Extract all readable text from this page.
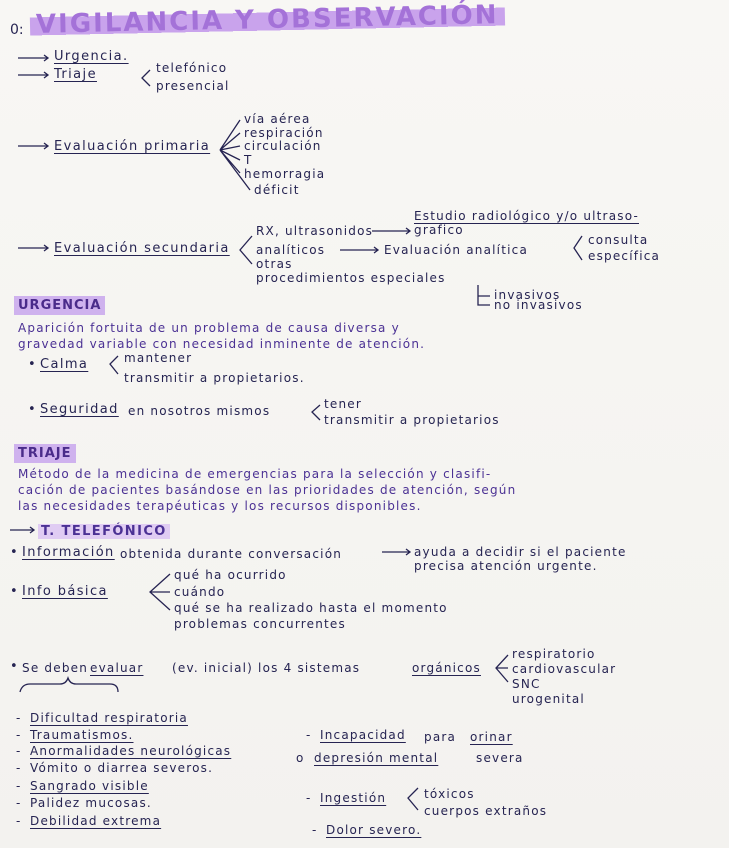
0: VIGILANCIA Y OBSERVACIÓN
Urgencia.
Triaje	telefónico
presencial
Evaluación primaria
vía aérea
respiración
circulación
T
hemorragia
déficit
Evaluación secundaria
RX, ultrasonidos
Estudio radiológico y/o ultraso-
grafico
analíticos	Evaluación analítica
consulta
específica
otras
procedimientos especiales
invasivos
no invasivos
URGENCIA
Aparición fortuita de un problema de causa diversa y
gravedad variable con necesidad inminente de atención.
• Calma	mantener
transmitir a propietarios.
• Seguridad en nosotros mismos	tener
transmitir a propietarios
TRIAJE
Método de la medicina de emergencias para la selección y clasifi-
cación de pacientes basándose en las prioridades de atención, según
las necesidades terapéuticas y los recursos disponibles.
T. TELEFÓNICO
• Información obtenida durante conversación	ayuda a decidir si el paciente
precisa atención urgente.
• Info básica
qué ha ocurrido
cuándo
qué se ha realizado hasta el momento
problemas concurrentes
• Se deben evaluar (ev. inicial) los 4 sistemas	orgánicos
respiratorio
cardiovascular
SNC
urogenital
- Dificultad respiratoria
- Traumatismos.
- Anormalidades neurológicas	o depresión mental	severa
- Vómito o diarrea severos.
- Sangrado visible
- Palidez mucosas.
- Debilidad extrema
- Incapacidad para orinar
- Ingestión	tóxicos
cuerpos extraños
- Dolor severo.
